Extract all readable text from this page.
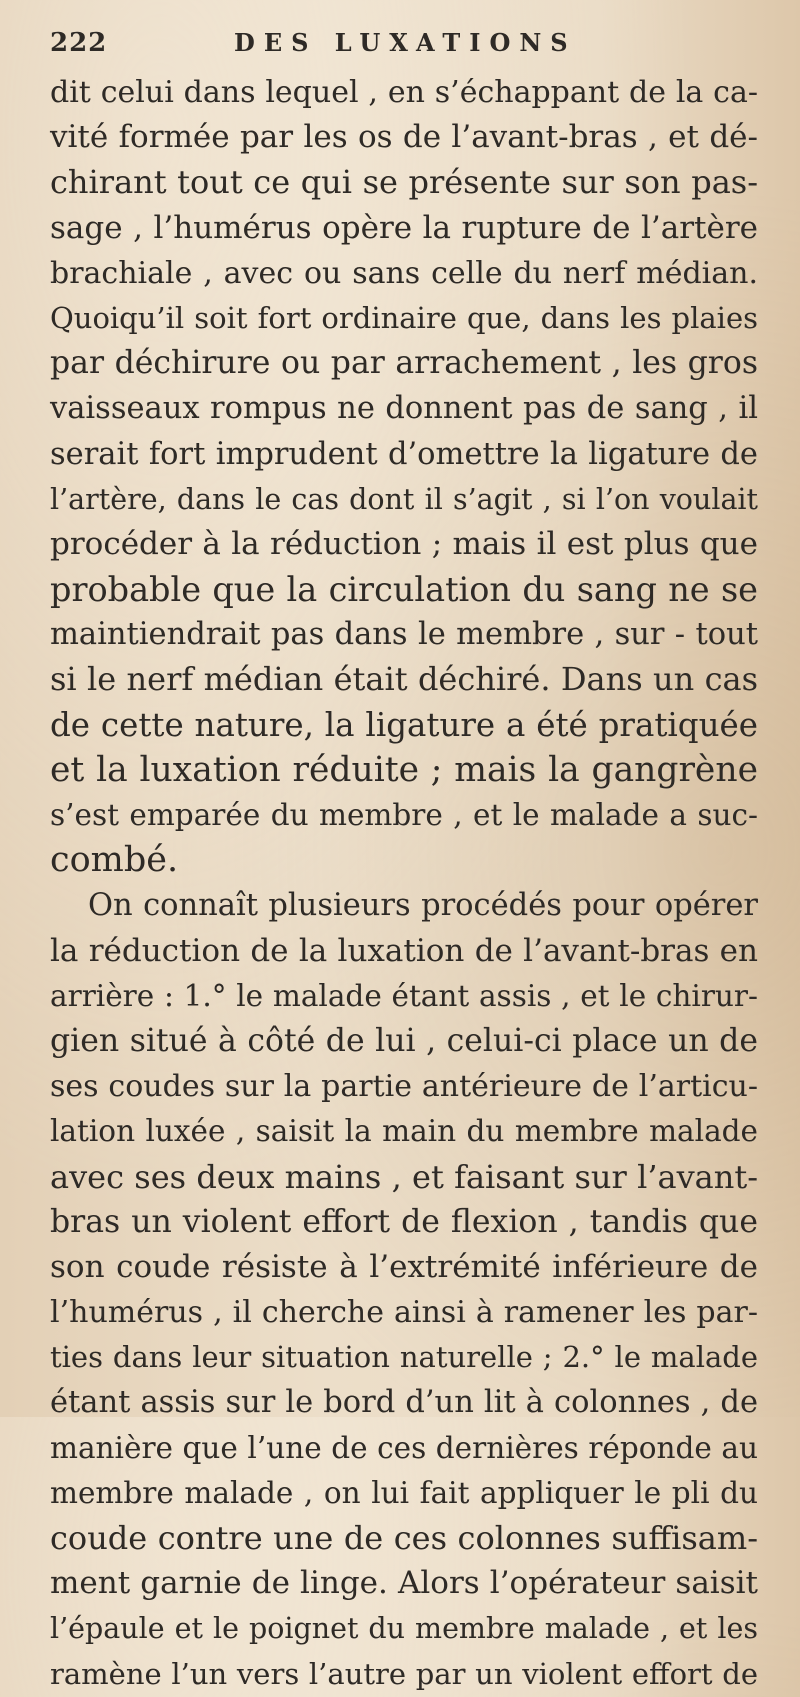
222	DES LUXATIONS
dit celui dans lequel , en s’échappant de la ca-
vité formée par les os de l’avant-bras , et dé-
chirant tout ce qui se présente sur son pas-
sage , l’humérus opère la rupture de l’artère
brachiale , avec ou sans celle du nerf médian.
Quoiqu’il soit fort ordinaire que, dans les plaies
par déchirure ou par arrachement , les gros
vaisseaux rompus ne donnent pas de sang , il
serait fort imprudent d’omettre la ligature de
l’artère, dans le cas dont il s’agit , si l’on voulait
procéder à la réduction ; mais il est plus que
probable que la circulation du sang ne se
maintiendrait pas dans le membre , sur - tout
si le nerf médian était déchiré. Dans un cas
de cette nature, la ligature a été pratiquée
et la luxation réduite ; mais la gangrène
s’est emparée du membre , et le malade a suc-
combé.
On connaît plusieurs procédés pour opérer
la réduction de la luxation de l’avant-bras en
arrière : 1.° le malade étant assis , et le chirur-
gien situé à côté de lui , celui-ci place un de
ses coudes sur la partie antérieure de l’articu-
lation luxée , saisit la main du membre malade
avec ses deux mains , et faisant sur l’avant-
bras un violent effort de flexion , tandis que
son coude résiste à l’extrémité inférieure de
l’humérus , il cherche ainsi à ramener les par-
ties dans leur situation naturelle ; 2.° le malade
étant assis sur le bord d’un lit à colonnes , de
manière que l’une de ces dernières réponde au
membre malade , on lui fait appliquer le pli du
coude contre une de ces colonnes suffisam-
ment garnie de linge. Alors l’opérateur saisit
l’épaule et le poignet du membre malade , et les
ramène l’un vers l’autre par un violent effort de
